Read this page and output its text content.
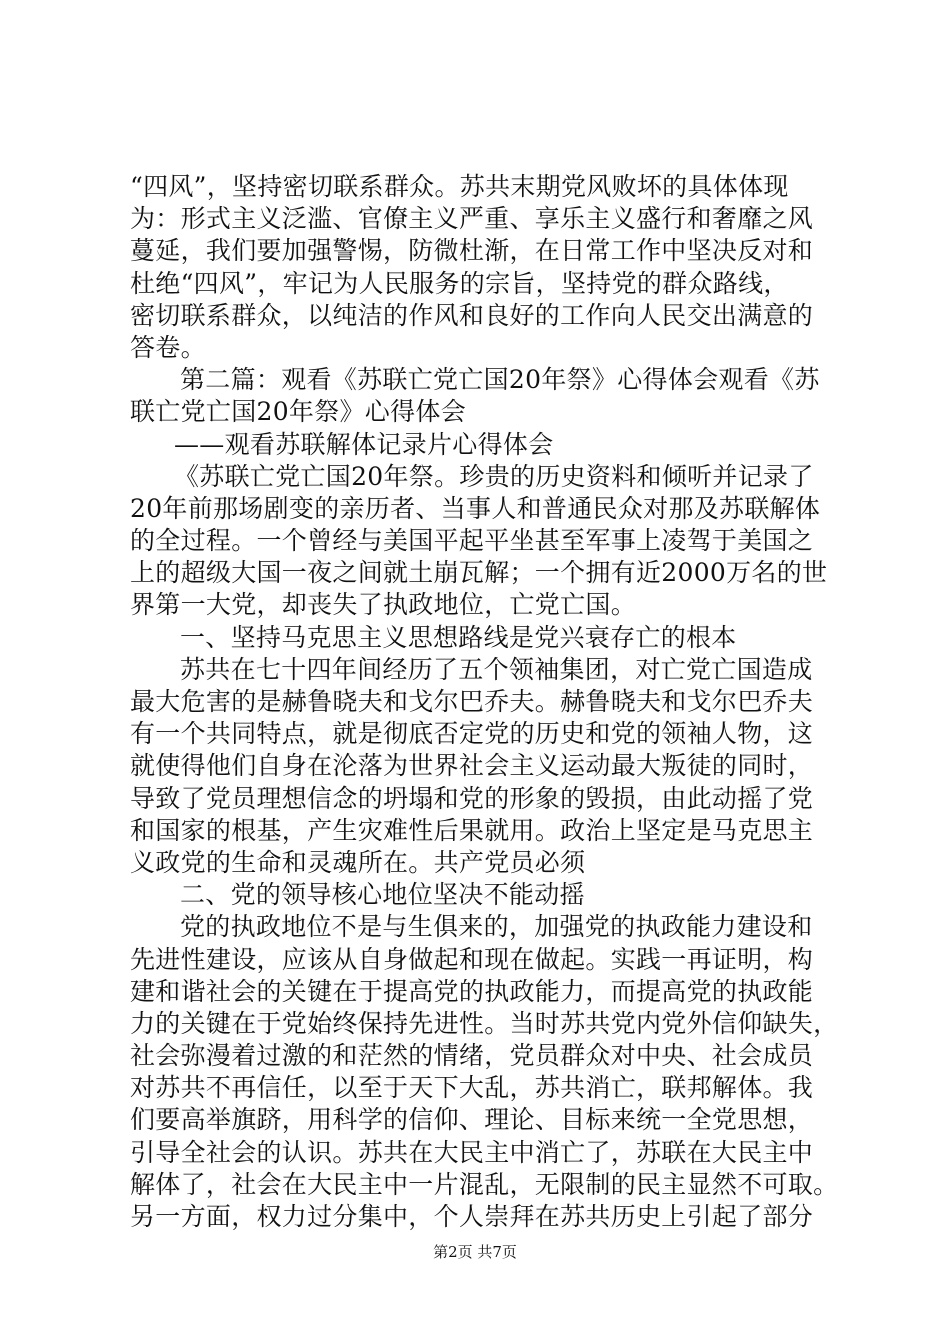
“四风”，坚持密切联系群众。苏共末期党风败坏的具体体现
为：形式主义泛滥、官僚主义严重、享乐主义盛行和奢靡之风
蔓延，我们要加强警惕，防微杜渐，在日常工作中坚决反对和
杜绝“四风”，牢记为人民服务的宗旨，坚持党的群众路线，
密切联系群众，以纯洁的作风和良好的工作向人民交出满意的
答卷。
第二篇：观看《苏联亡党亡国20年祭》心得体会观看《苏
联亡党亡国20年祭》心得体会
——观看苏联解体记录片心得体会
《苏联亡党亡国20年祭。珍贵的历史资料和倾听并记录了
20年前那场剧变的亲历者、当事人和普通民众对那及苏联解体
的全过程。一个曾经与美国平起平坐甚至军事上凌驾于美国之
上的超级大国一夜之间就土崩瓦解；一个拥有近2000万名的世
界第一大党，却丧失了执政地位，亡党亡国。
一、坚持马克思主义思想路线是党兴衰存亡的根本
苏共在七十四年间经历了五个领袖集团，对亡党亡国造成
最大危害的是赫鲁晓夫和戈尔巴乔夫。赫鲁晓夫和戈尔巴乔夫
有一个共同特点，就是彻底否定党的历史和党的领袖人物，这
就使得他们自身在沦落为世界社会主义运动最大叛徒的同时，
导致了党员理想信念的坍塌和党的形象的毁损，由此动摇了党
和国家的根基，产生灾难性后果就用。政治上坚定是马克思主
义政党的生命和灵魂所在。共产党员必须
二、党的领导核心地位坚决不能动摇
党的执政地位不是与生俱来的，加强党的执政能力建设和
先进性建设，应该从自身做起和现在做起。实践一再证明，构
建和谐社会的关键在于提高党的执政能力，而提高党的执政能
力的关键在于党始终保持先进性。当时苏共党内党外信仰缺失，
社会弥漫着过激的和茫然的情绪，党员群众对中央、社会成员
对苏共不再信任，以至于天下大乱，苏共消亡，联邦解体。我
们要高举旗跻，用科学的信仰、理论、目标来统一全党思想，
引导全社会的认识。苏共在大民主中消亡了，苏联在大民主中
解体了，社会在大民主中一片混乱，无限制的民主显然不可取。
另一方面，权力过分集中，个人崇拜在苏共历史上引起了部分
第2页 共7页
